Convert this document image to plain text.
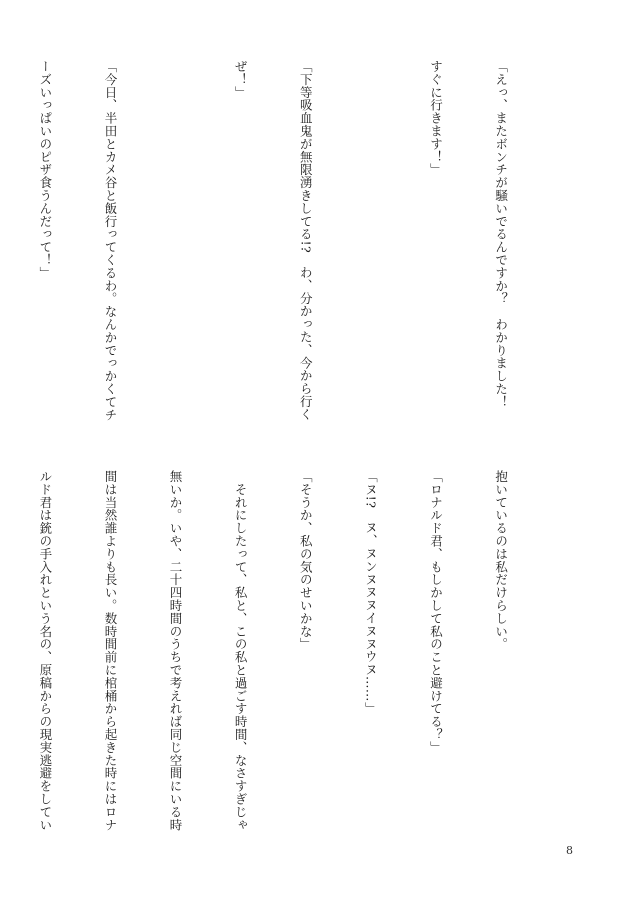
「えっ、またボンチが騒いでるんですか？　わかりました！

すぐに行きます！」

「下等吸血鬼が無限湧きしてる!?　わ、分かった、今から行く

ぜ！」

「今日、半田とカメ谷と飯行ってくるわ。なんかでっかくてチ

ーズいっぱいのピザ食うんだって！」

抱いているのは私だけらしい。

「ロナルド君、もしかして私のこと避けてる？」

「ヌ!?　ヌ、ヌンヌヌヌイヌヌウヌ……」

「そうか、私の気のせいかな」

　それにしたって、私と、この私と過ごす時間、なさすぎじゃ

無いか。いや、二十四時間のうちで考えれば同じ空間にいる時

間は当然誰よりも長い。数時間前に棺桶から起きた時にはロナ

ルド君は銃の手入れという名の、原稿からの現実逃避をしてい

8
